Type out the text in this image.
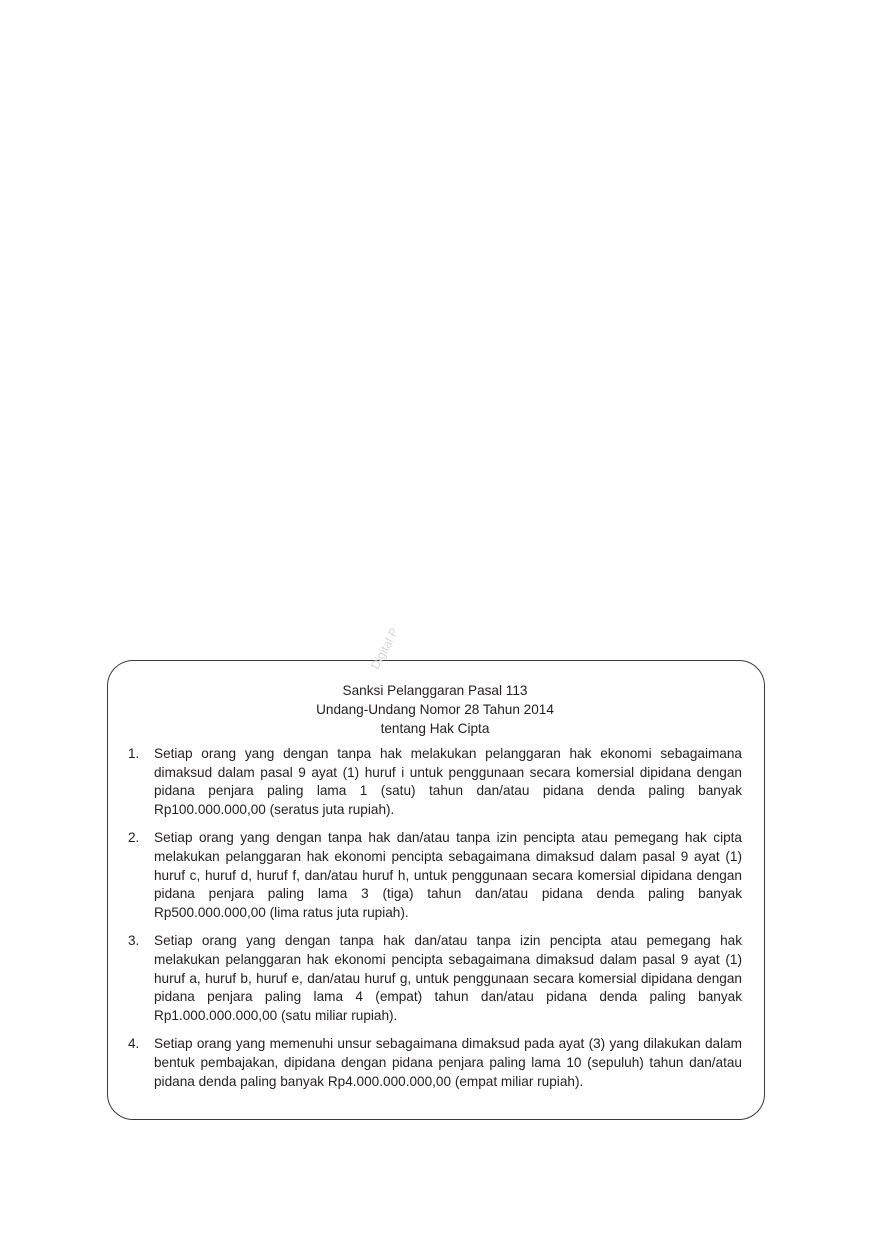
Digital P
Sanksi Pelanggaran Pasal 113
Undang-Undang Nomor 28 Tahun 2014
tentang Hak Cipta
1.	Setiap orang yang dengan tanpa hak melakukan pelanggaran hak ekonomi sebagaimana dimaksud dalam pasal 9 ayat (1) huruf i untuk penggunaan secara komersial dipidana dengan pidana penjara paling lama 1 (satu) tahun dan/atau pidana denda paling banyak Rp100.000.000,00 (seratus juta rupiah).
2.	Setiap orang yang dengan tanpa hak dan/atau tanpa izin pencipta atau pemegang hak cipta melakukan pelanggaran hak ekonomi pencipta sebagaimana dimaksud dalam pasal 9 ayat (1) huruf c, huruf d, huruf f, dan/atau huruf h, untuk penggunaan secara komersial dipidana dengan pidana penjara paling lama 3 (tiga) tahun dan/atau pidana denda paling banyak Rp500.000.000,00 (lima ratus juta rupiah).
3.	Setiap orang yang dengan tanpa hak dan/atau tanpa izin pencipta atau pemegang hak melakukan pelanggaran hak ekonomi pencipta sebagaimana dimaksud dalam pasal 9 ayat (1) huruf a, huruf b, huruf e, dan/atau huruf g, untuk penggunaan secara komersial dipidana dengan pidana penjara paling lama 4 (empat) tahun dan/atau pidana denda paling banyak Rp1.000.000.000,00 (satu miliar rupiah).
4.	Setiap orang yang memenuhi unsur sebagaimana dimaksud pada ayat (3) yang dilakukan dalam bentuk pembajakan, dipidana dengan pidana penjara paling lama 10 (sepuluh) tahun dan/atau pidana denda paling banyak Rp4.000.000.000,00 (empat miliar rupiah).
